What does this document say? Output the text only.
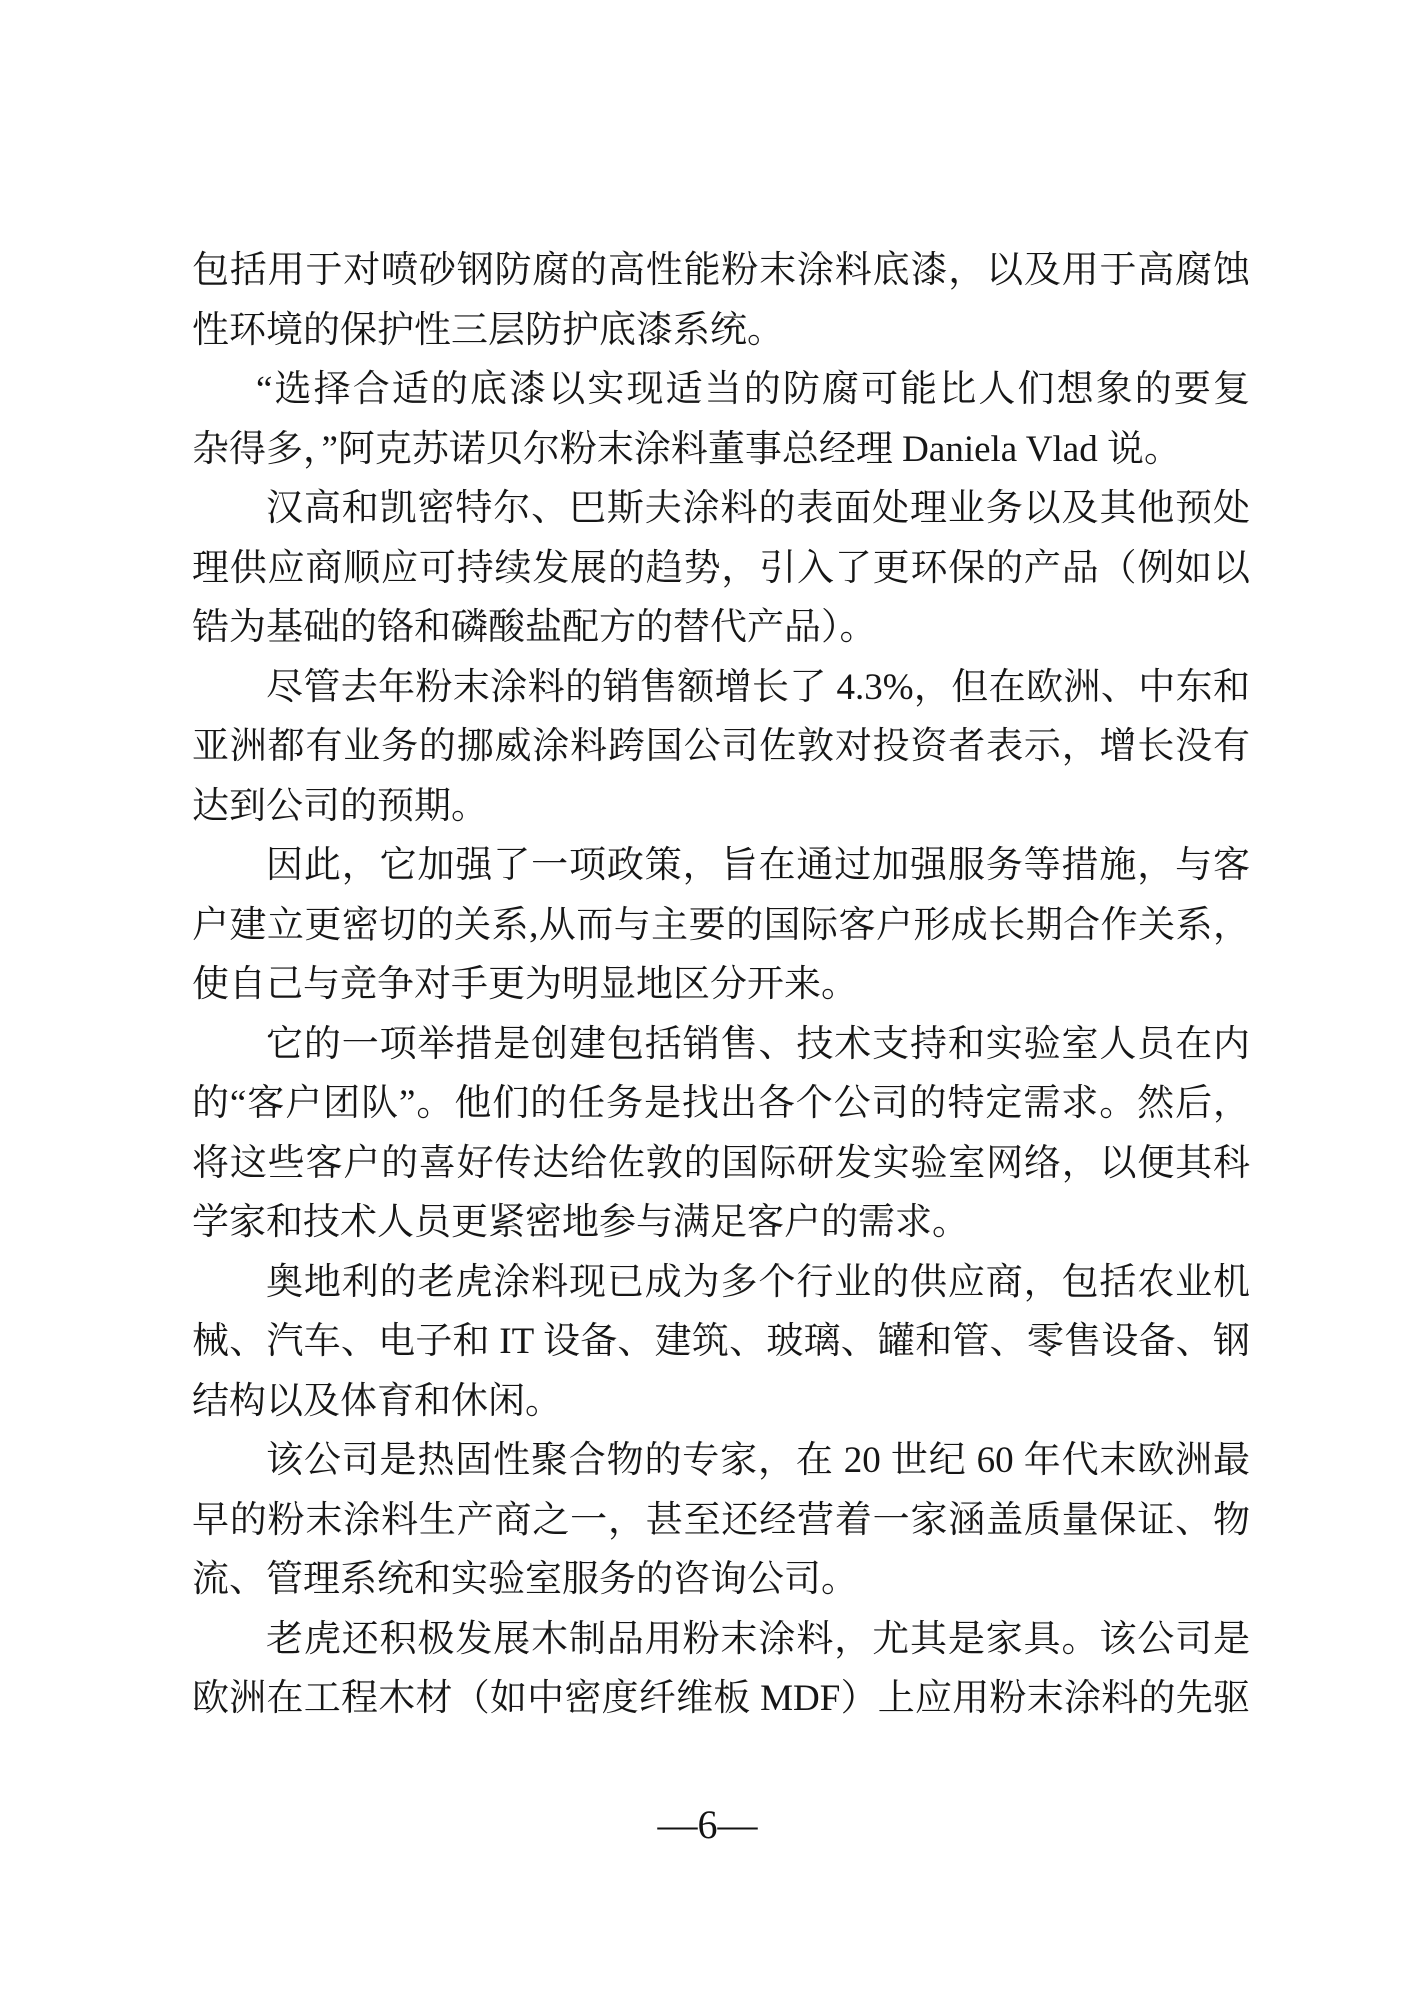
包括用于对喷砂钢防腐的高性能粉末涂料底漆，以及用于高腐蚀
性环境的保护性三层防护底漆系统。
“选择合适的底漆以实现适当的防腐可能比人们想象的要复
杂得多，”阿克苏诺贝尔粉末涂料董事总经理 Daniela Vlad 说。
汉高和凯密特尔、巴斯夫涂料的表面处理业务以及其他预处
理供应商顺应可持续发展的趋势，引入了更环保的产品（例如以
锆为基础的铬和磷酸盐配方的替代产品）。
尽管去年粉末涂料的销售额增长了 4.3%，但在欧洲、中东和
亚洲都有业务的挪威涂料跨国公司佐敦对投资者表示，增长没有
达到公司的预期。
因此，它加强了一项政策，旨在通过加强服务等措施，与客
户建立更密切的关系,从而与主要的国际客户形成长期合作关系，
使自己与竞争对手更为明显地区分开来。
它的一项举措是创建包括销售、技术支持和实验室人员在内
的“客户团队”。他们的任务是找出各个公司的特定需求。然后，
将这些客户的喜好传达给佐敦的国际研发实验室网络，以便其科
学家和技术人员更紧密地参与满足客户的需求。
奥地利的老虎涂料现已成为多个行业的供应商，包括农业机
械、汽车、电子和 IT 设备、建筑、玻璃、罐和管、零售设备、钢
结构以及体育和休闲。
该公司是热固性聚合物的专家，在 20 世纪 60 年代末欧洲最
早的粉末涂料生产商之一，甚至还经营着一家涵盖质量保证、物
流、管理系统和实验室服务的咨询公司。
老虎还积极发展木制品用粉末涂料，尤其是家具。该公司是
欧洲在工程木材（如中密度纤维板 MDF）上应用粉末涂料的先驱
—6—
